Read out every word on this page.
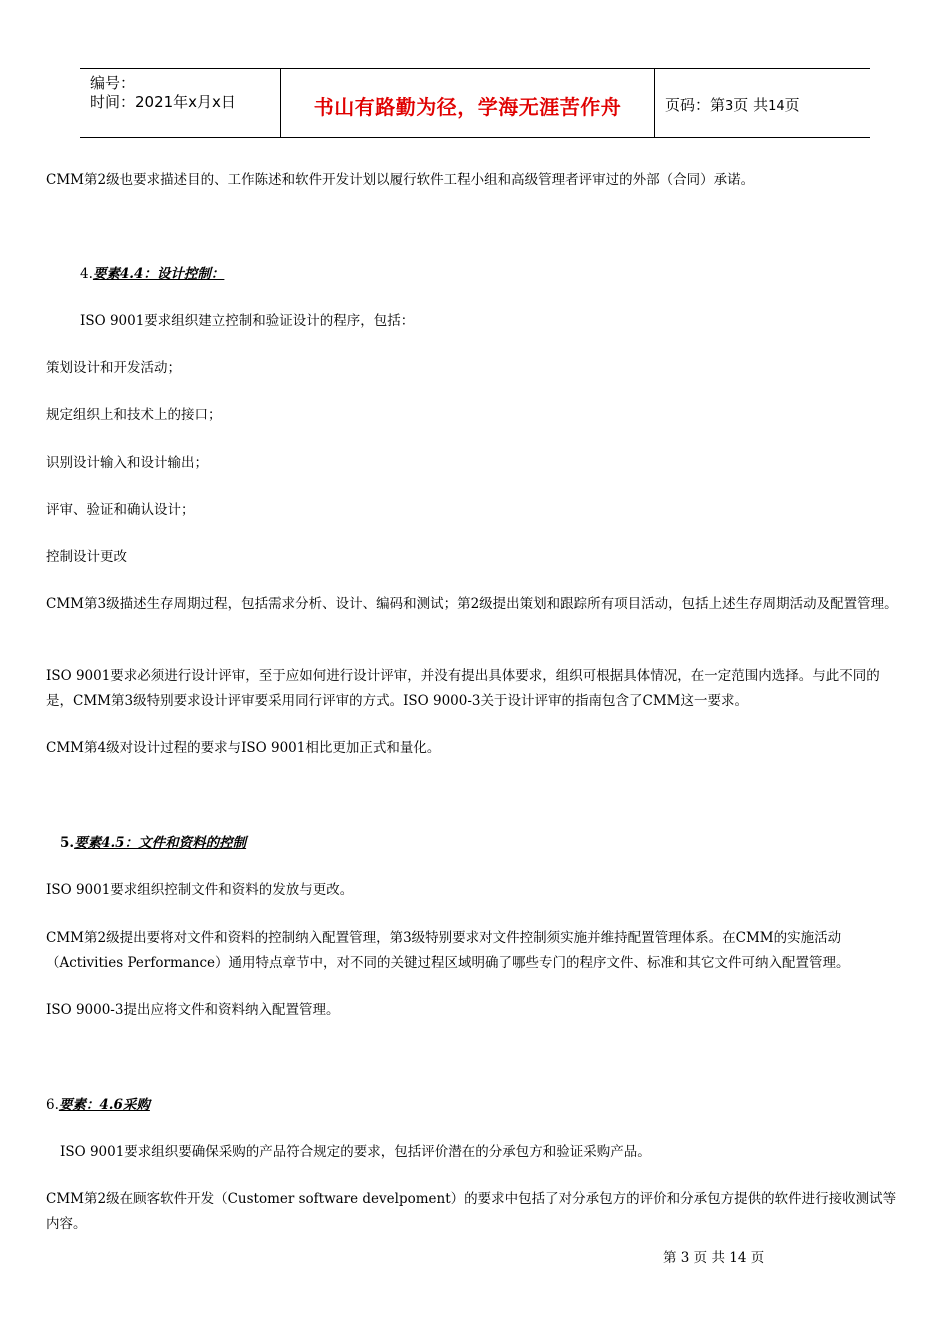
编号：
时间：2021年x月x日	书山有路勤为径，学海无涯苦作舟	页码：第3页 共14页
CMM第2级也要求描述目的、工作陈述和软件开发计划以履行软件工程小组和高级管理者评审过的外部（合同）承诺。
4.要素4.4：设计控制：
ISO 9001要求组织建立控制和验证设计的程序，包括：
策划设计和开发活动；
规定组织上和技术上的接口；
识别设计输入和设计输出；
评审、验证和确认设计；
控制设计更改
CMM第3级描述生存周期过程，包括需求分析、设计、编码和测试；第2级提出策划和跟踪所有项目活动，包括上述生存周期活动及配置管理。
ISO 9001要求必须进行设计评审，至于应如何进行设计评审，并没有提出具体要求，组织可根据具体情况，在一定范围内选择。与此不同的是，CMM第3级特别要求设计评审要采用同行评审的方式。ISO 9000-3关于设计评审的指南包含了CMM这一要求。
CMM第4级对设计过程的要求与ISO 9001相比更加正式和量化。
5.要素4.5：文件和资料的控制
ISO 9001要求组织控制文件和资料的发放与更改。
CMM第2级提出要将对文件和资料的控制纳入配置管理，第3级特别要求对文件控制须实施并维持配置管理体系。在CMM的实施活动（Activities Performance）通用特点章节中，对不同的关键过程区域明确了哪些专门的程序文件、标准和其它文件可纳入配置管理。
ISO 9000-3提出应将文件和资料纳入配置管理。
6.要素：4.6采购
ISO 9001要求组织要确保采购的产品符合规定的要求，包括评价潜在的分承包方和验证采购产品。
CMM第2级在顾客软件开发（Customer software develpoment）的要求中包括了对分承包方的评价和分承包方提供的软件进行接收测试等内容。
第 3 页 共 14 页
